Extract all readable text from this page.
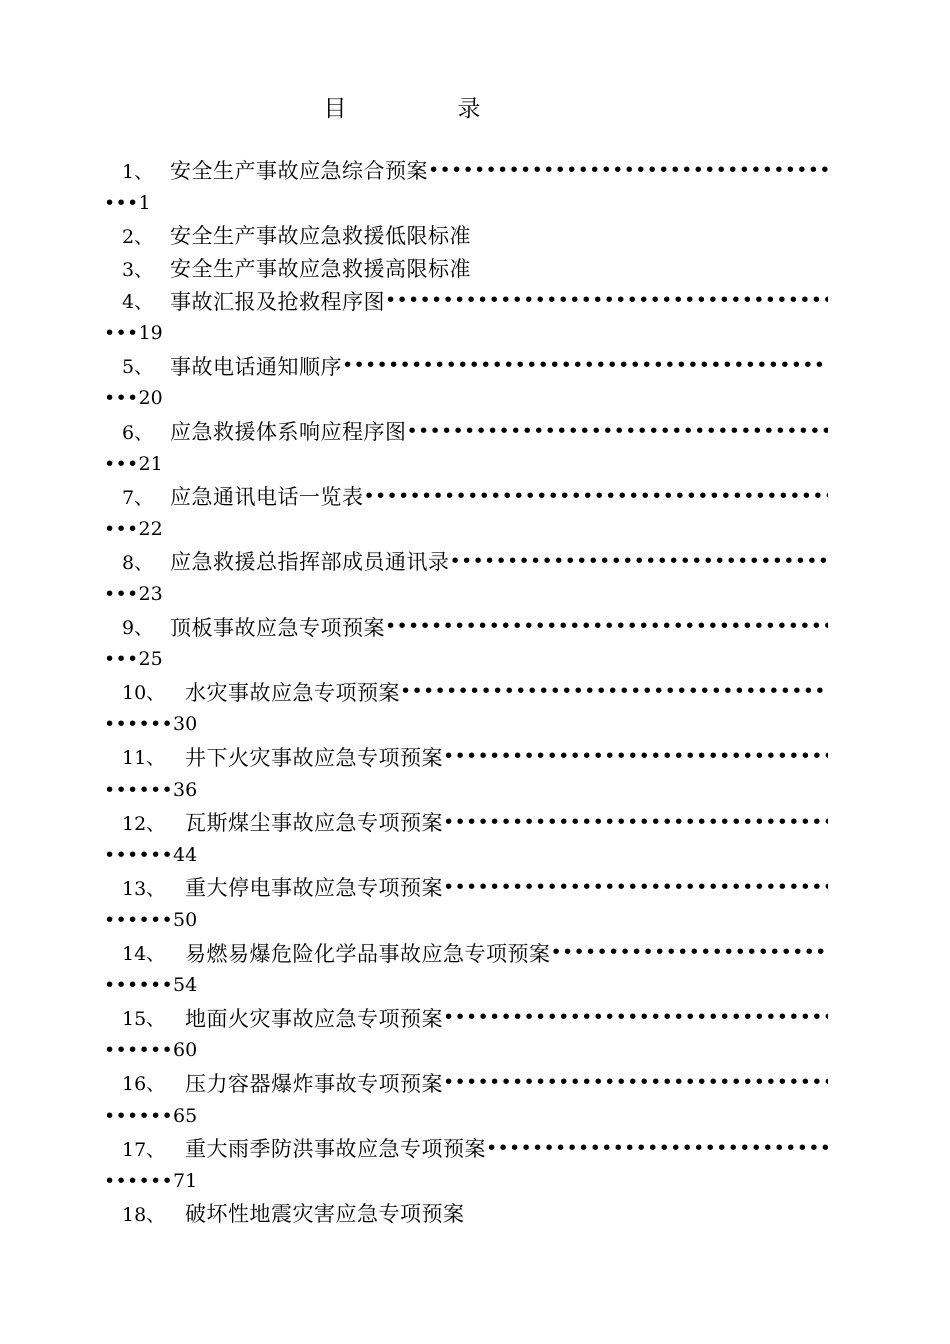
目　录
1、 安全生产事故应急综合预案
•••••
••• 1
2、 安全生产事故应急救援低限标准
3、 安全生产事故应急救援高限标准
4、 事故汇报及抢救程序图
•••••
••• 19
5、 事故电话通知顺序
•••••
••• 20
6、 应急救援体系响应程序图
•••••
••• 21
7、 应急通讯电话一览表
•••••
••• 22
8、 应急救援总指挥部成员通讯录
•••••
••• 23
9、 顶板事故应急专项预案
•••••
••• 25
10、 水灾事故应急专项预案
•••••
•••••• 30
11、 井下火灾事故应急专项预案
•••••
•••••• 36
12、 瓦斯煤尘事故应急专项预案
•••••
•••••• 44
13、 重大停电事故应急专项预案
•••••
•••••• 50
14、 易燃易爆危险化学品事故应急专项预案
•••••
•••••• 54
15、 地面火灾事故应急专项预案
•••••
•••••• 60
16、 压力容器爆炸事故专项预案
•••••
•••••• 65
17、 重大雨季防洪事故应急专项预案
•••••
•••••• 71
18、 破坏性地震灾害应急专项预案
